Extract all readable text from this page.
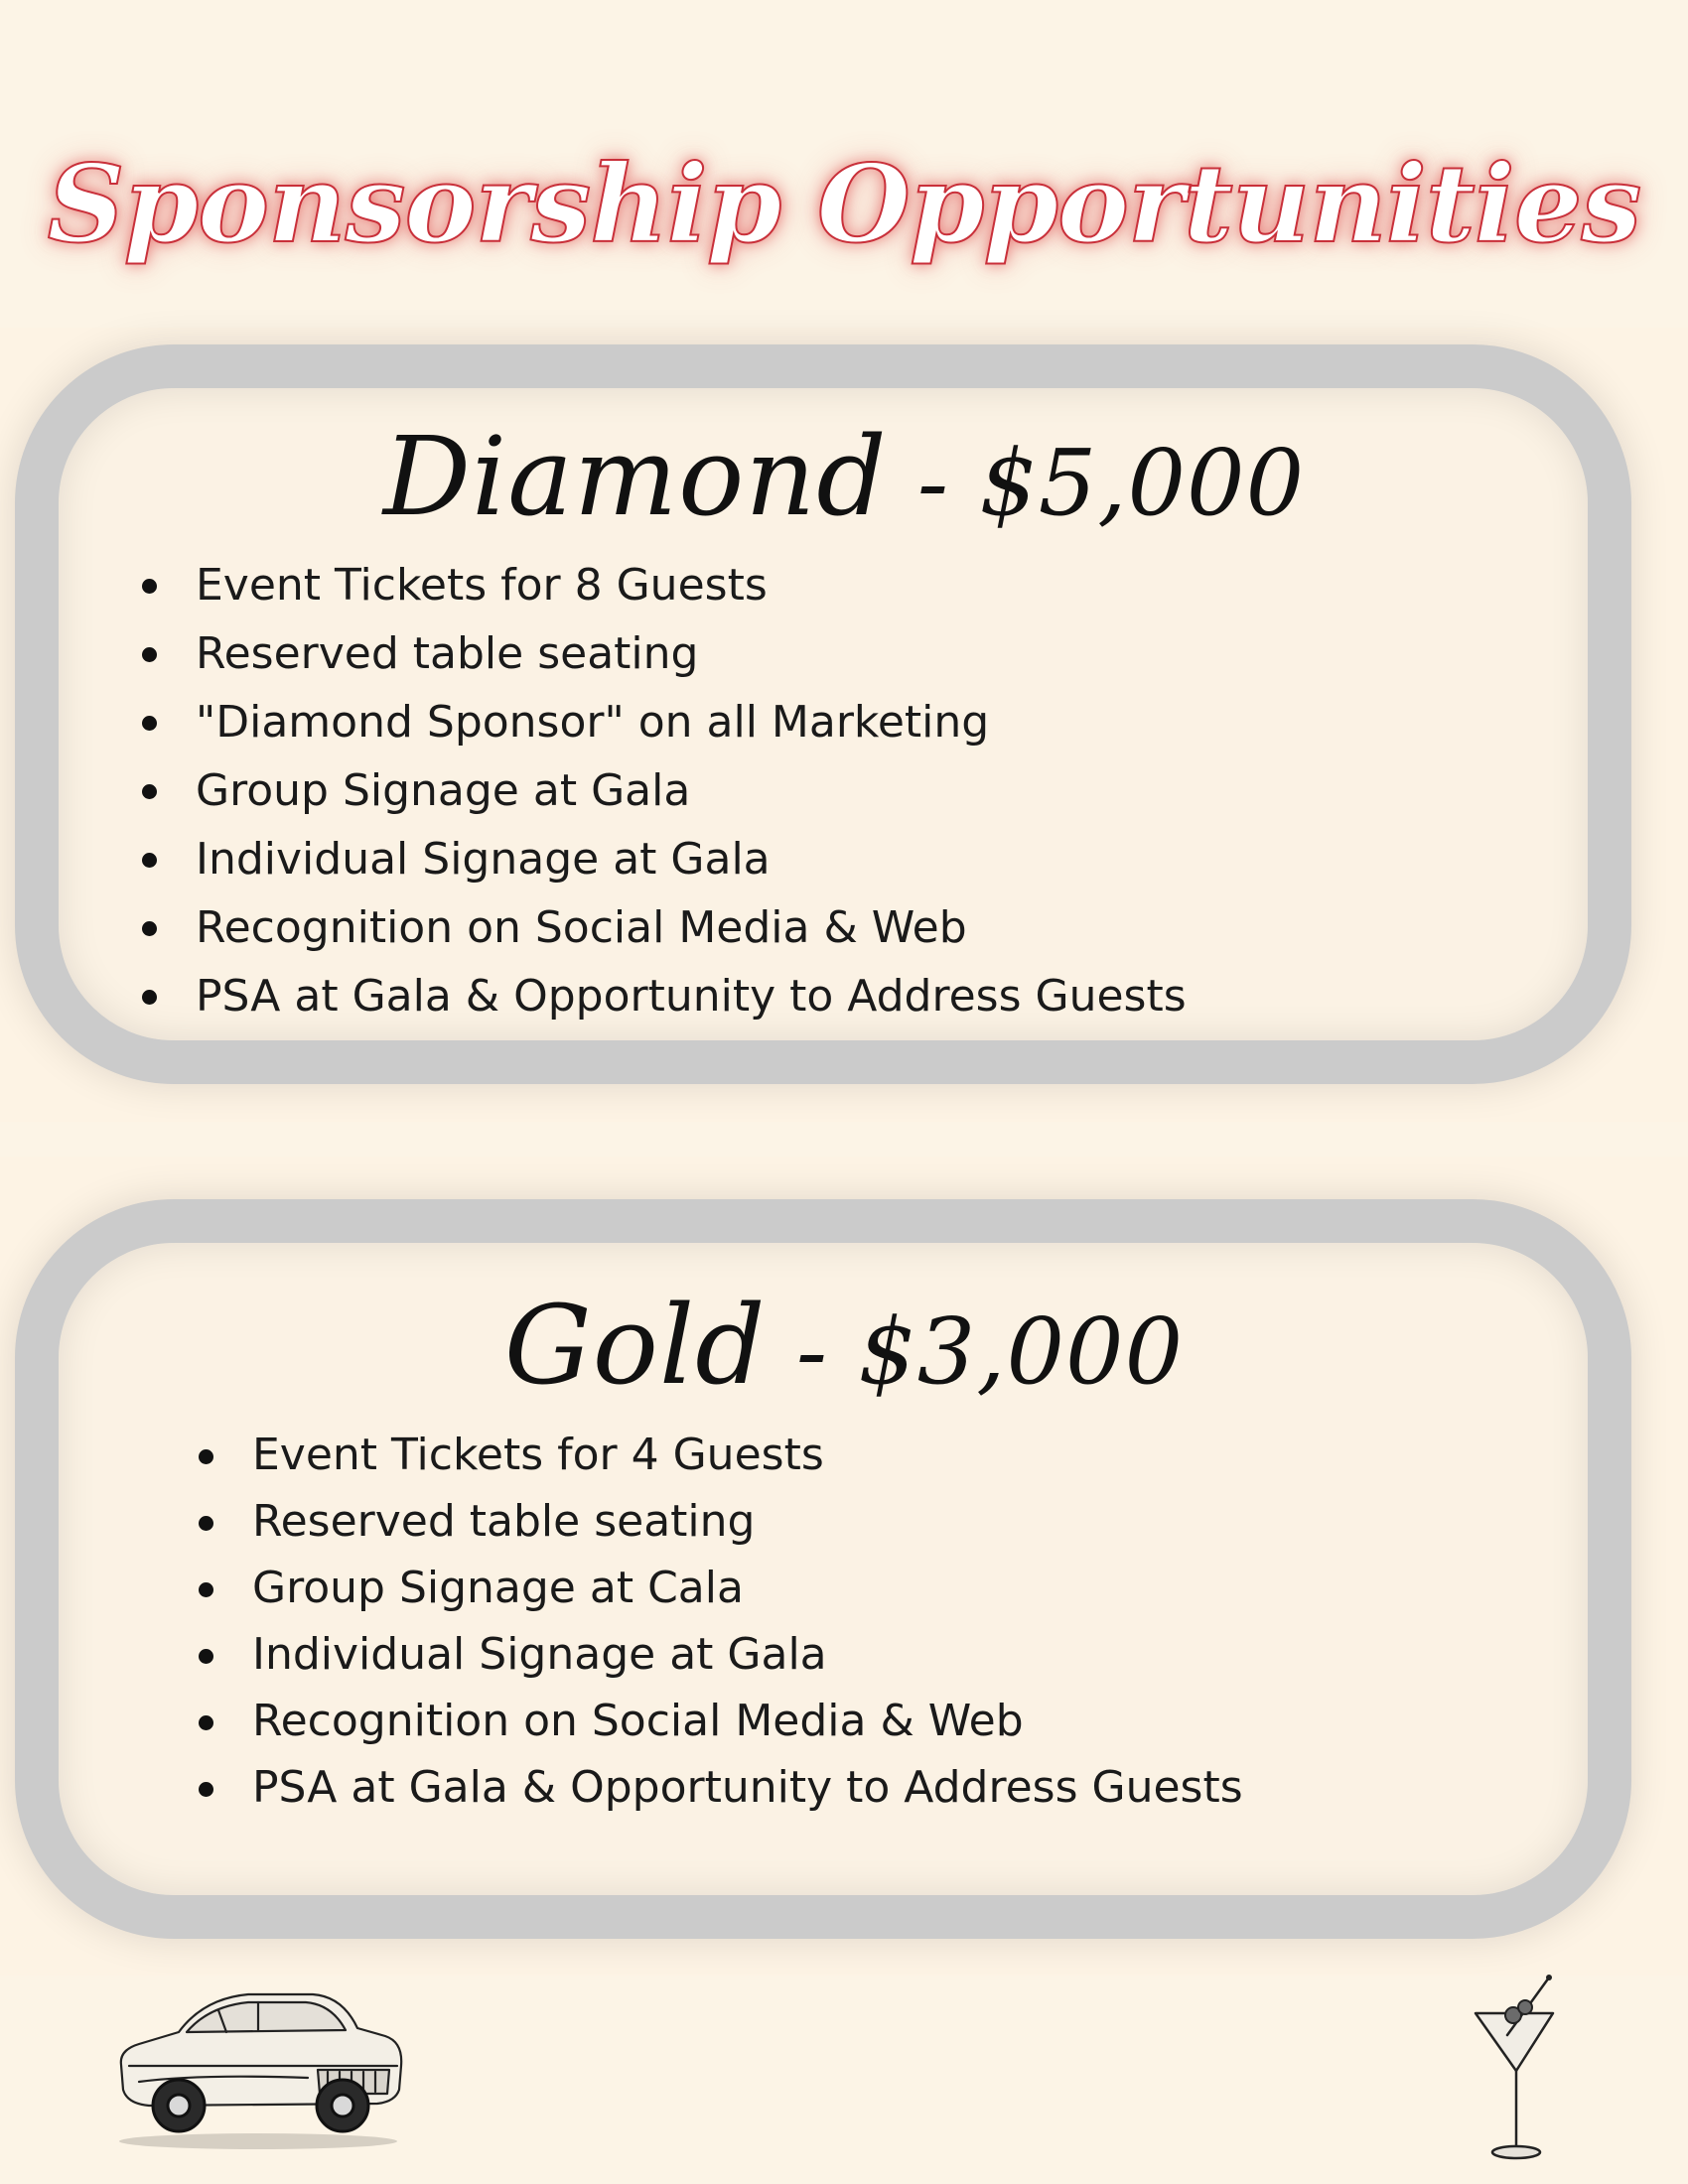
Sponsorship Opportunities
Diamond - $5,000
Event Tickets for 8 Guests
Reserved table seating
"Diamond Sponsor" on all Marketing
Group Signage at Gala
Individual Signage at Gala
Recognition on Social Media & Web
PSA at Gala & Opportunity to Address Guests
Gold - $3,000
Event Tickets for 4 Guests
Reserved table seating
Group Signage at Cala
Individual Signage at Gala
Recognition on Social Media & Web
PSA at Gala & Opportunity to Address Guests
